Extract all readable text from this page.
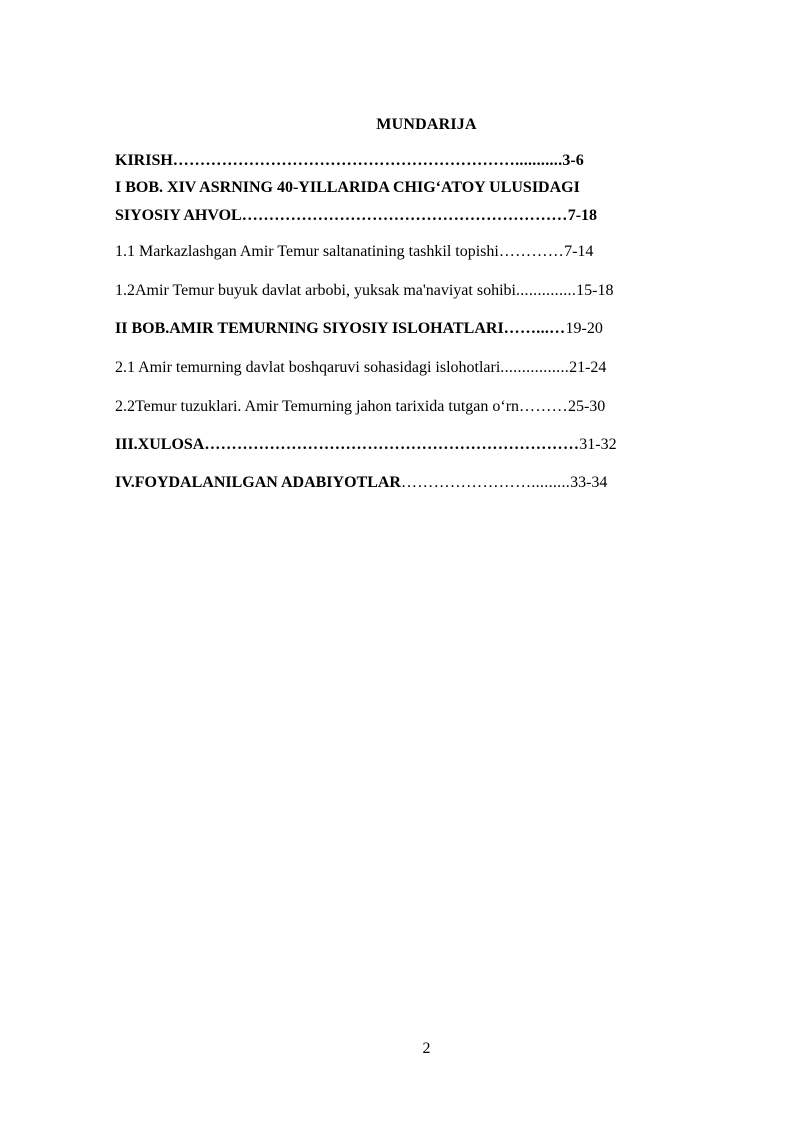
MUNDARIJA
KIRISH………………………………………………………...........3-6
I BOB. XIV ASRNING 40-YILLARIDA CHIG‘ATOY ULUSIDAGI
SIYOSIY AHVOL……………………………………………………7-18
1.1 Markazlashgan Amir Temur saltanatining tashkil topishi…………7-14
1.2Amir Temur buyuk davlat arbobi, yuksak ma'naviyat sohibi..............15-18
II BOB.AMIR TEMURNING SIYOSIY ISLOHATLARI……...…19-20
2.1 Amir temurning davlat boshqaruvi sohasidagi islohotlari................21-24
2.2Temur tuzuklari. Amir Temurning jahon tarixida tutgan o‘rn………25-30
III.XULOSA……………………………………………………………31-32
IV.FOYDALANILGAN ADABIYOTLAR…………………….........33-34
2
